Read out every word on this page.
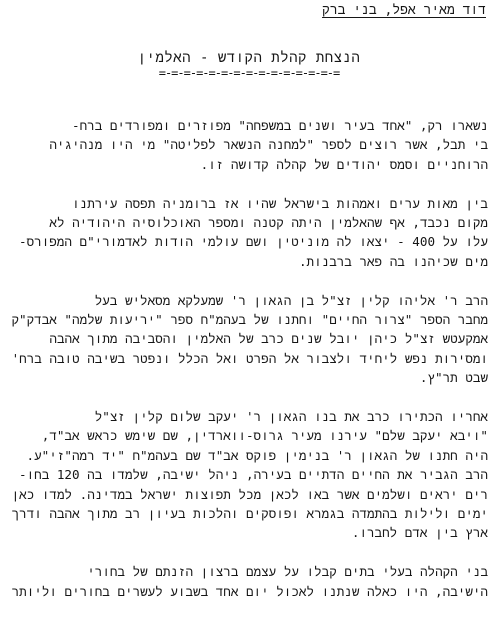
דוד מאיר אפל, בני ברק
הנצחת קהלת הקודש - האלמין
=-=-=-=-=-=-=-=-=-=-=-=-=-=-=

נשארו רק, "אחד בעיר ושנים במשפחה" מפוזרים ומפורדים ברח-
בי תבל, אשר רוצים לספר "למחנה הנשאר לפליטה" מי היו מנהיגיה
הרוחניים וסמס יהודים של קהלה קדושה זו.

בין מאות ערים ואמהות בישראל שהיו אז ברומניה תפסה עירתנו
מקום נכבד, אף שהאלמין היתה קטנה ומספר האוכלוסיה היהודיה לא
עלו על 400 - יצאו לה מוניטין ושם עולמי הודות לאדמורי"ם המפורס-
מים שכיהנו בה פאר ברבנות.

הרב ר' אליהו קלין זצ"ל בן הגאון ר' שמעלקא מסאליש בעל
מחבר הספר "צרור החיים" וחתנו של בעהמ"ח ספר "יריעות שלמה" אבדק"ק
אמקעטש זצ"ל כיהן יובל שנים כרב של האלמין והסביבה מתוך אהבה
ומסירות נפש ליחיד ולצבור אל הפרט ואל הכלל ונפטר בשיבה טובה ברח'
שבט תר"ץ.

אחריו הכתירו כרב את בנו הגאון ר' יעקב שלום קלין זצ"ל
"ויבא יעקב שלם" עירנו מעיר גרוס-ווארדין, שם שימש כראש אב"ד,
היה חתנו של הגאון ר' בנימין פוקס אב"ד שם בעהמ"ח "יד רמה"זי"ע.
הרב הגביר את החיים הדתיים בעירה, ניהל ישיבה, שלמדו בה 120 בחו-
רים יראים ושלמים אשר באו לכאן מכל תפוצות ישראל במדינה. למדו כאן
ימים ולילות בהתמדה בגמרא ופוסקים והלכות בעיון רב מתוך אהבה ודרך
ארץ בין אדם לחברו.

בני הקהלה בעלי בתים קבלו על עצמם ברצון הזנתם של בחורי
הישיבה, היו כאלה שנתנו לאכול יום אחד בשבוע לעשרים בחורים וליותר
